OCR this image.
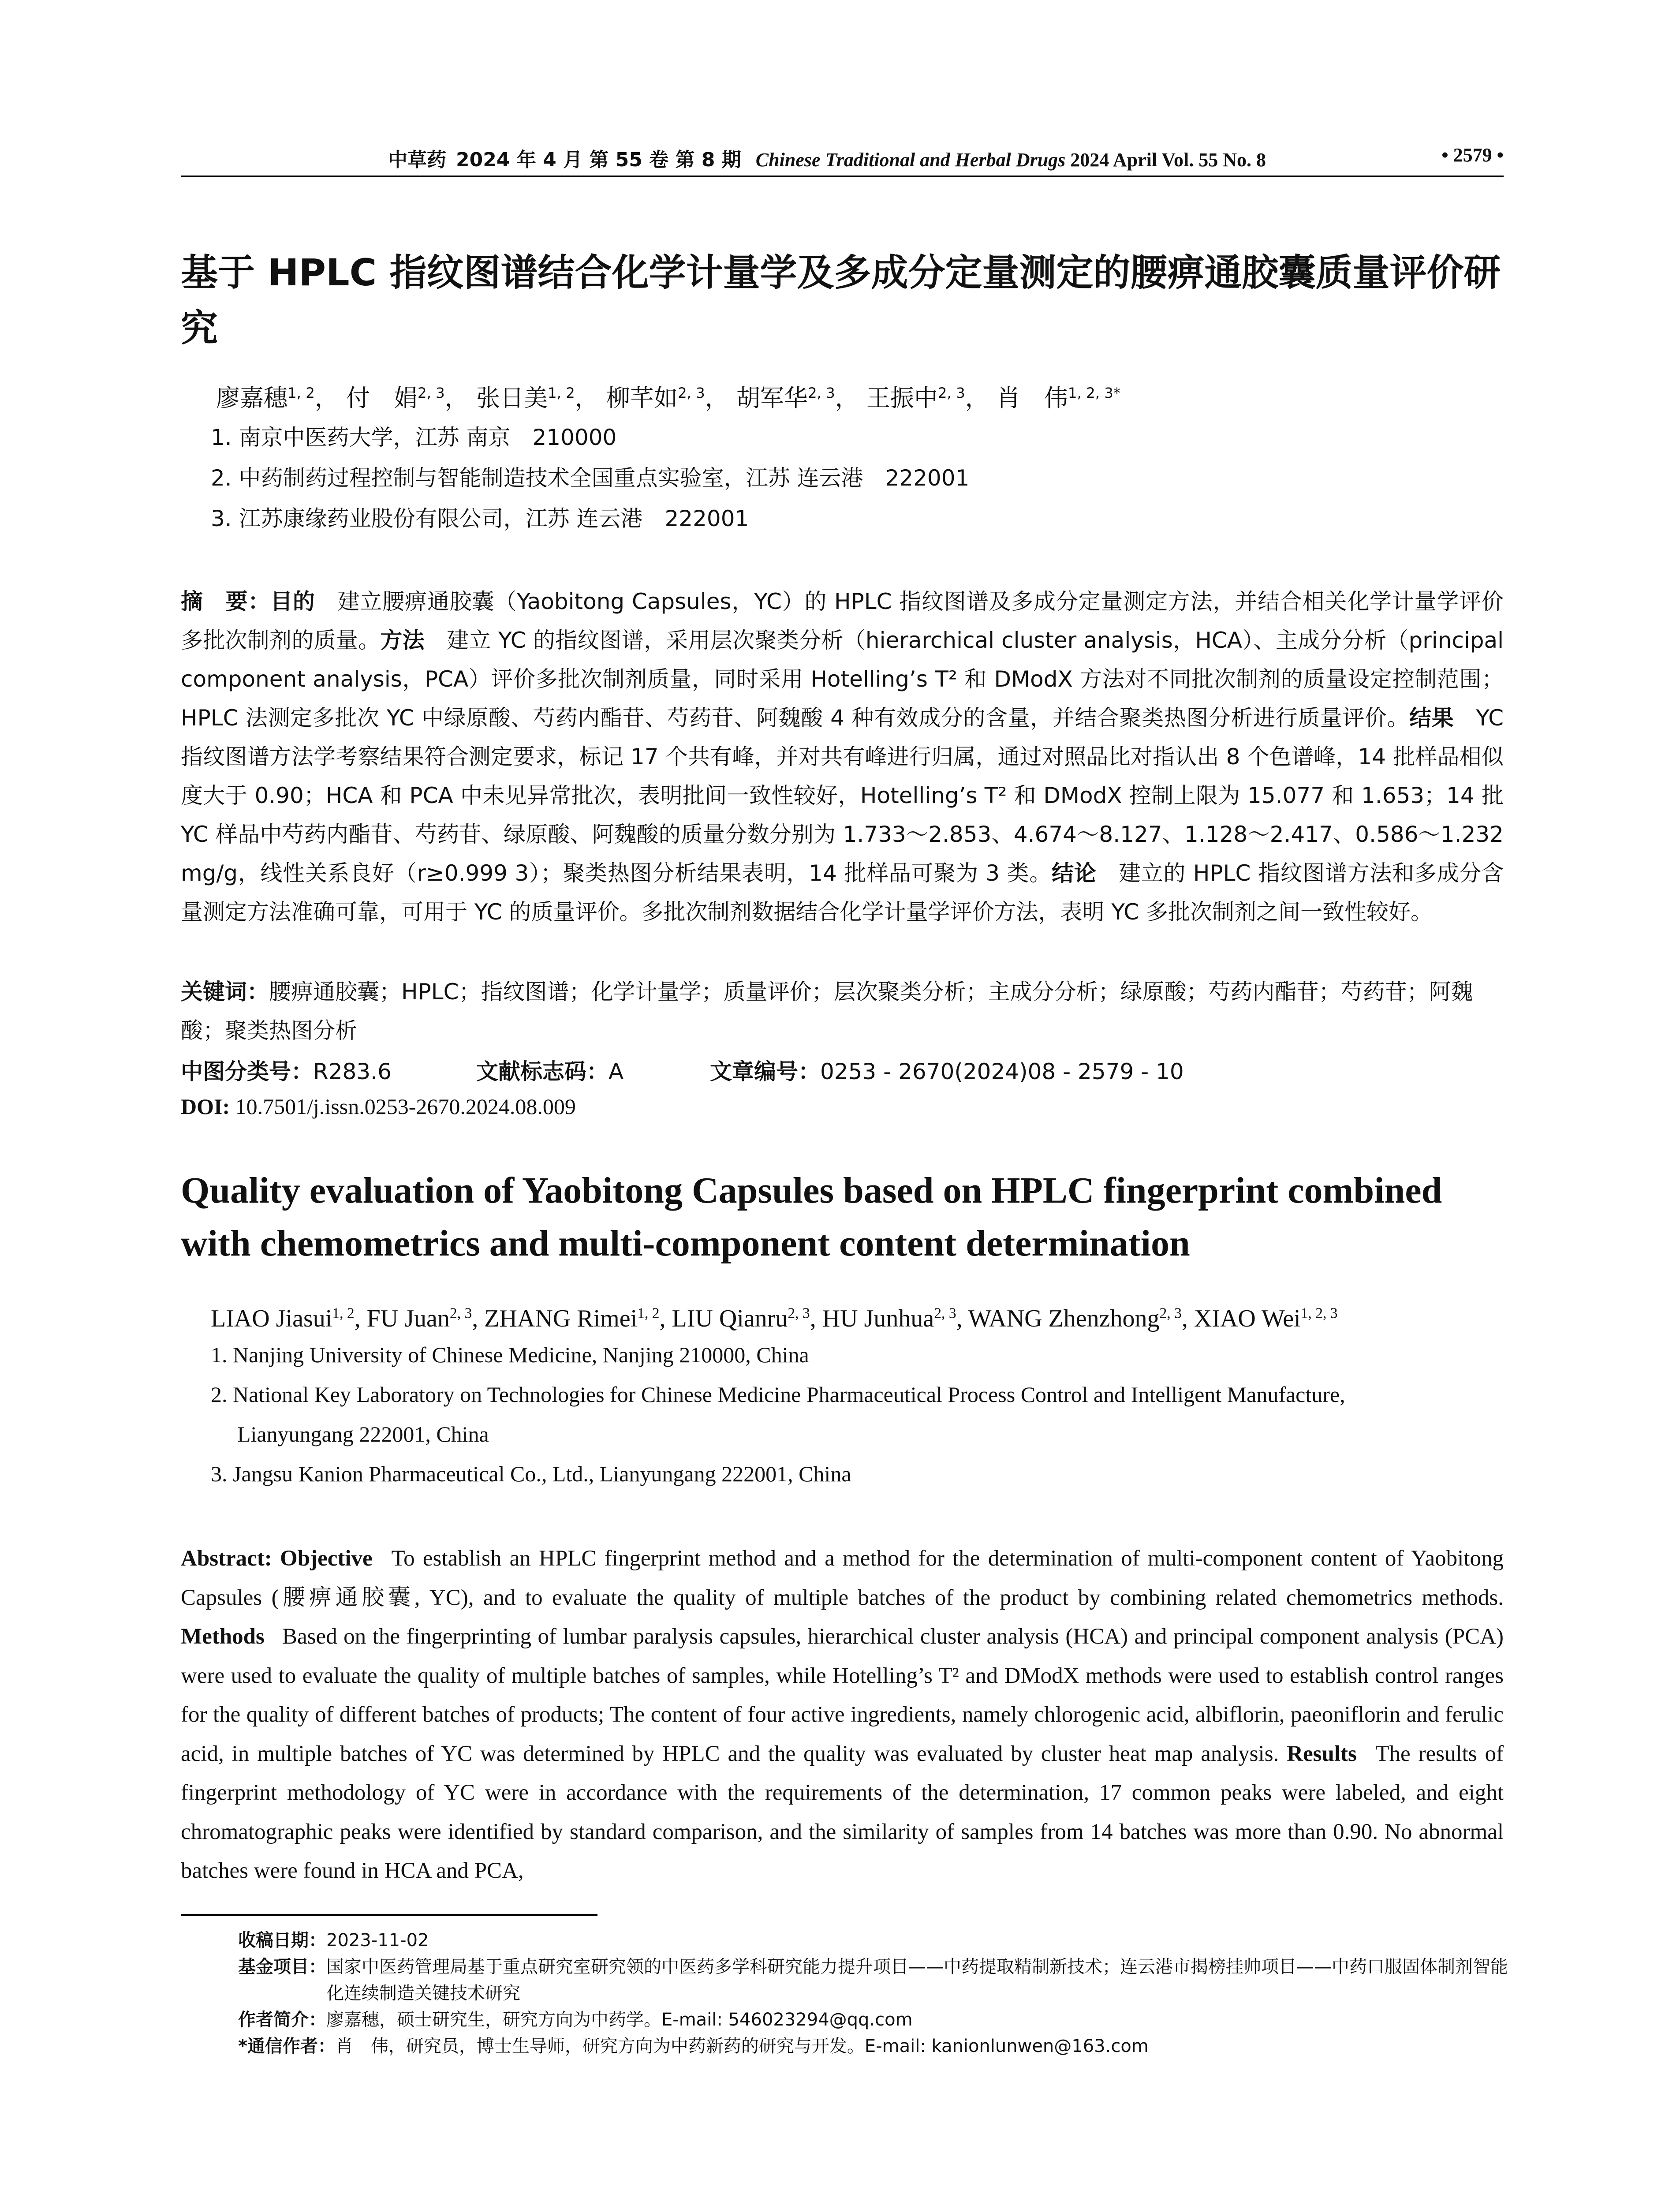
中草药 2024 年 4 月 第 55 卷 第 8 期 Chinese Traditional and Herbal Drugs 2024 April Vol. 55 No. 8	• 2579 •
基于 HPLC 指纹图谱结合化学计量学及多成分定量测定的腰痹通胶囊质量评价研究
廖嘉穗$^{1, 2}$， 付　娟$^{2, 3}$， 张日美$^{1, 2}$， 柳芊如$^{2, 3}$， 胡军华$^{2, 3}$， 王振中$^{2, 3}$， 肖　伟$^{1, 2, 3*}$
1. 南京中医药大学，江苏 南京　210000
2. 中药制药过程控制与智能制造技术全国重点实验室，江苏 连云港　222001
3. 江苏康缘药业股份有限公司，江苏 连云港　222001
摘　要：目的  建立腰痹通胶囊（Yaobitong Capsules，YC）的 HPLC 指纹图谱及多成分定量测定方法，并结合相关化学计量学评价多批次制剂的质量。方法  建立 YC 的指纹图谱，采用层次聚类分析（hierarchical cluster analysis，HCA）、主成分分析（principal component analysis，PCA）评价多批次制剂质量，同时采用 Hotelling’s T² 和 DModX 方法对不同批次制剂的质量设定控制范围；HPLC 法测定多批次 YC 中绿原酸、芍药内酯苷、芍药苷、阿魏酸 4 种有效成分的含量，并结合聚类热图分析进行质量评价。结果  YC 指纹图谱方法学考察结果符合测定要求，标记 17 个共有峰，并对共有峰进行归属，通过对照品比对指认出 8 个色谱峰，14 批样品相似度大于 0.90；HCA 和 PCA 中未见异常批次，表明批间一致性较好，Hotelling’s T² 和 DModX 控制上限为 15.077 和 1.653；14 批 YC 样品中芍药内酯苷、芍药苷、绿原酸、阿魏酸的质量分数分别为 1.733～2.853、4.674～8.127、1.128～2.417、0.586～1.232 mg/g，线性关系良好（r≥0.999 3）；聚类热图分析结果表明，14 批样品可聚为 3 类。结论  建立的 HPLC 指纹图谱方法和多成分含量测定方法准确可靠，可用于 YC 的质量评价。多批次制剂数据结合化学计量学评价方法，表明 YC 多批次制剂之间一致性较好。
关键词：腰痹通胶囊；HPLC；指纹图谱；化学计量学；质量评价；层次聚类分析；主成分分析；绿原酸；芍药内酯苷；芍药苷；阿魏酸；聚类热图分析
中图分类号：R283.6	文献标志码：A	文章编号：0253 - 2670(2024)08 - 2579 - 10
DOI: 10.7501/j.issn.0253-2670.2024.08.009
Quality evaluation of Yaobitong Capsules based on HPLC fingerprint combined with chemometrics and multi-component content determination
LIAO Jiasui$^{1, 2}$, FU Juan$^{2, 3}$, ZHANG Rimei$^{1, 2}$, LIU Qianru$^{2, 3}$, HU Junhua$^{2, 3}$, WANG Zhenzhong$^{2, 3}$, XIAO Wei$^{1, 2, 3}$
1. Nanjing University of Chinese Medicine, Nanjing 210000, China
2. National Key Laboratory on Technologies for Chinese Medicine Pharmaceutical Process Control and Intelligent Manufacture,
Lianyungang 222001, China
3. Jangsu Kanion Pharmaceutical Co., Ltd., Lianyungang 222001, China
Abstract: Objective  To establish an HPLC fingerprint method and a method for the determination of multi-component content of Yaobitong Capsules (腰痹通胶囊, YC), and to evaluate the quality of multiple batches of the product by combining related chemometrics methods. Methods  Based on the fingerprinting of lumbar paralysis capsules, hierarchical cluster analysis (HCA) and principal component analysis (PCA) were used to evaluate the quality of multiple batches of samples, while Hotelling’s T² and DModX methods were used to establish control ranges for the quality of different batches of products; The content of four active ingredients, namely chlorogenic acid, albiflorin, paeoniflorin and ferulic acid, in multiple batches of YC was determined by HPLC and the quality was evaluated by cluster heat map analysis. Results  The results of fingerprint methodology of YC were in accordance with the requirements of the determination, 17 common peaks were labeled, and eight chromatographic peaks were identified by standard comparison, and the similarity of samples from 14 batches was more than 0.90. No abnormal batches were found in HCA and PCA,
收稿日期： 2023-11-02
基金项目： 国家中医药管理局基于重点研究室研究领的中医药多学科研究能力提升项目——中药提取精制新技术；连云港市揭榜挂帅项目——中药口服固体制剂智能化连续制造关键技术研究
作者简介： 廖嘉穗，硕士研究生，研究方向为中药学。E-mail: 546023294@qq.com
*通信作者： 肖　伟，研究员，博士生导师，研究方向为中药新药的研究与开发。E-mail: kanionlunwen@163.com
